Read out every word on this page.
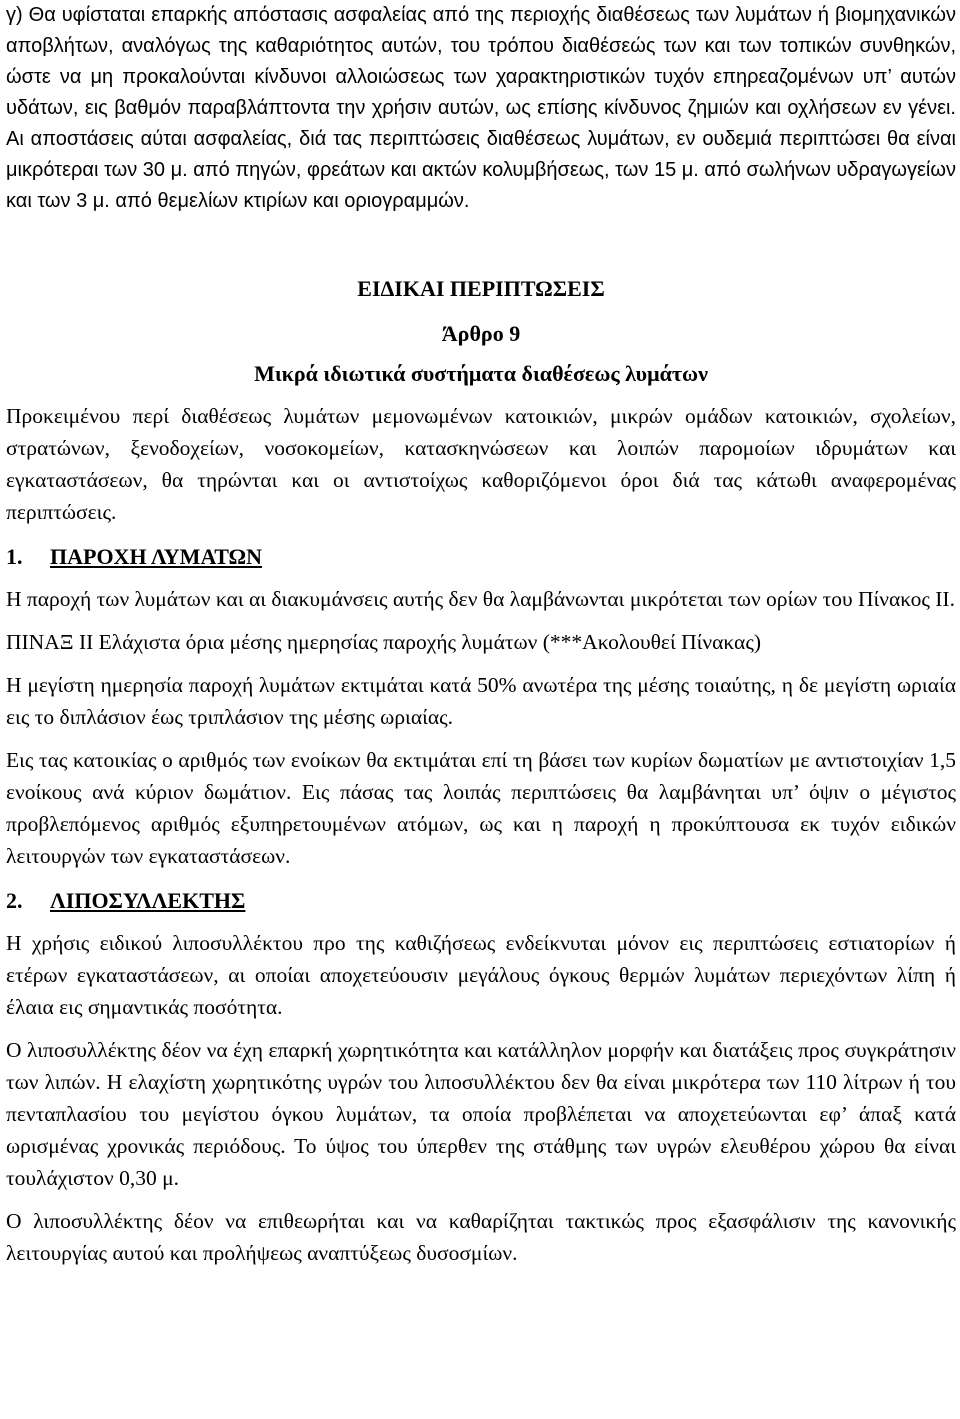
γ) Θα υφίσταται επαρκής απόστασις ασφαλείας από της περιοχής διαθέσεως των λυμάτων ή βιομηχανικών αποβλήτων, αναλόγως της καθαριότητος αυτών, του τρόπου διαθέσεώς των και των τοπικών συνθηκών, ώστε να μη προκαλούνται κίνδυνοι αλλοιώσεως των χαρακτηριστικών τυχόν επηρεαζομένων υπ’ αυτών υδάτων, εις βαθμόν παραβλάπτοντα την χρήσιν αυτών, ως επίσης κίνδυνος ζημιών και οχλήσεων εν γένει. Αι αποστάσεις αύται ασφαλείας, διά τας περιπτώσεις διαθέσεως λυμάτων, εν ουδεμιά περιπτώσει θα είναι μικρότεραι των 30 μ. από πηγών, φρεάτων και ακτών κολυμβήσεως, των 15 μ. από σωλήνων υδραγωγείων και των 3 μ. από θεμελίων κτιρίων και οριογραμμών.

ΕΙΔΙΚΑΙ ΠΕΡΙΠΤΩΣΕΙΣ

Άρθρο 9

Μικρά ιδιωτικά συστήματα διαθέσεως λυμάτων

Προκειμένου περί διαθέσεως λυμάτων μεμονωμένων κατοικιών, μικρών ομάδων κατοικιών, σχολείων, στρατώνων, ξενοδοχείων, νοσοκομείων, κατασκηνώσεων και λοιπών παρομοίων ιδρυμάτων και εγκαταστάσεων, θα τηρώνται και οι αντιστοίχως καθοριζόμενοι όροι διά τας κάτωθι αναφερομένας περιπτώσεις.

1. ΠΑΡΟΧΗ ΛΥΜΑΤΩΝ

Η παροχή των λυμάτων και αι διακυμάνσεις αυτής δεν θα λαμβάνωνται μικρότεται των ορίων του Πίνακος ΙΙ.

ΠΙΝΑΞ ΙΙ Ελάχιστα όρια μέσης ημερησίας παροχής λυμάτων (***Ακολουθεί Πίνακας)

Η μεγίστη ημερησία παροχή λυμάτων εκτιμάται κατά 50% ανωτέρα της μέσης τοιαύτης, η δε μεγίστη ωριαία εις το διπλάσιον έως τριπλάσιον της μέσης ωριαίας.

Εις τας κατοικίας ο αριθμός των ενοίκων θα εκτιμάται επί τη βάσει των κυρίων δωματίων με αντιστοιχίαν 1,5 ενοίκους ανά κύριον δωμάτιον. Εις πάσας τας λοιπάς περιπτώσεις θα λαμβάνηται υπ’ όψιν ο μέγιστος προβλεπόμενος αριθμός εξυπηρετουμένων ατόμων, ως και η παροχή η προκύπτουσα εκ τυχόν ειδικών λειτουργών των εγκαταστάσεων.

2. ΛΙΠΟΣΥΛΛΕΚΤΗΣ

Η χρήσις ειδικού λιποσυλλέκτου προ της καθιζήσεως ενδείκνυται μόνον εις περιπτώσεις εστιατορίων ή ετέρων εγκαταστάσεων, αι οποίαι αποχετεύουσιν μεγάλους όγκους θερμών λυμάτων περιεχόντων λίπη ή έλαια εις σημαντικάς ποσότητα.

Ο λιποσυλλέκτης δέον να έχη επαρκή χωρητικότητα και κατάλληλον μορφήν και διατάξεις προς συγκράτησιν των λιπών. Η ελαχίστη χωρητικότης υγρών του λιποσυλλέκτου δεν θα είναι μικρότερα των 110 λίτρων ή του πενταπλασίου του μεγίστου όγκου λυμάτων, τα οποία προβλέπεται να αποχετεύωνται εφ’ άπαξ κατά ωρισμένας χρονικάς περιόδους. Το ύψος του ύπερθεν της στάθμης των υγρών ελευθέρου χώρου θα είναι τουλάχιστον 0,30 μ.

Ο λιποσυλλέκτης δέον να επιθεωρήται και να καθαρίζηται τακτικώς προς εξασφάλισιν της κανονικής λειτουργίας αυτού και προλήψεως αναπτύξεως δυσοσμίων.
